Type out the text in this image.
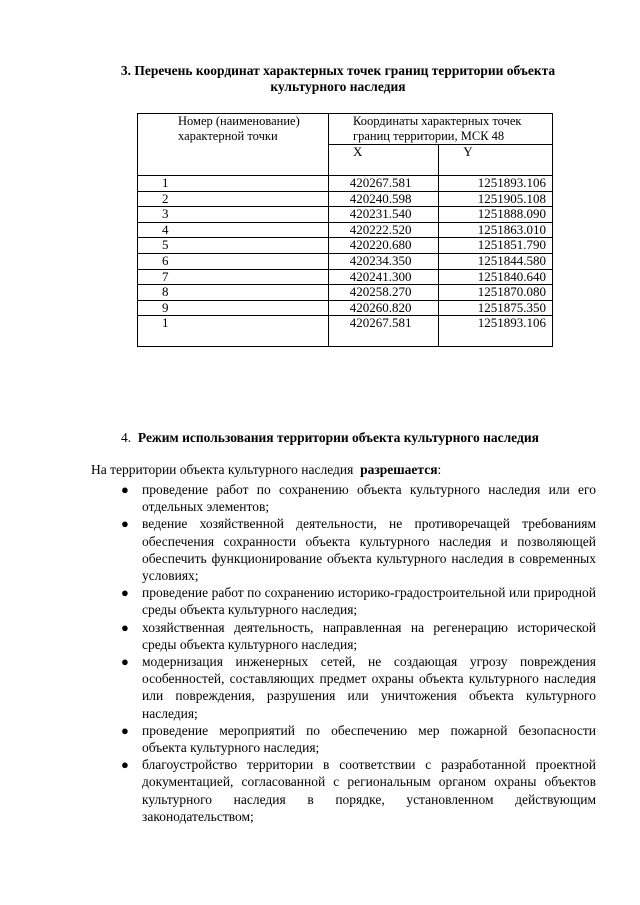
3. Перечень координат характерных точек границ территории объекта культурного наследия
Номер (наименование) характерной точки	Координаты характерных точек границ территории, МСК 48	
	X	Y
1	420267.581	1251893.106
2	420240.598	1251905.108
3	420231.540	1251888.090
4	420222.520	1251863.010
5	420220.680	1251851.790
6	420234.350	1251844.580
7	420241.300	1251840.640
8	420258.270	1251870.080
9	420260.820	1251875.350
1	420267.581	1251893.106
4. Режим использования территории объекта культурного наследия
На территории объекта культурного наследия разрешается:
● проведение работ по сохранению объекта культурного наследия или его отдельных элементов;
● ведение хозяйственной деятельности, не противоречащей требованиям обеспечения сохранности объекта культурного наследия и позволяющей обеспечить функционирование объекта культурного наследия в современных условиях;
● проведение работ по сохранению историко-градостроительной или природной среды объекта культурного наследия;
● хозяйственная деятельность, направленная на регенерацию исторической среды объекта культурного наследия;
● модернизация инженерных сетей, не создающая угрозу повреждения особенностей, составляющих предмет охраны объекта культурного наследия или повреждения, разрушения или уничтожения объекта культурного наследия;
● проведение мероприятий по обеспечению мер пожарной безопасности объекта культурного наследия;
● благоустройство территории в соответствии с разработанной проектной документацией, согласованной с региональным органом охраны объектов культурного наследия в порядке, установленном действующим законодательством;
